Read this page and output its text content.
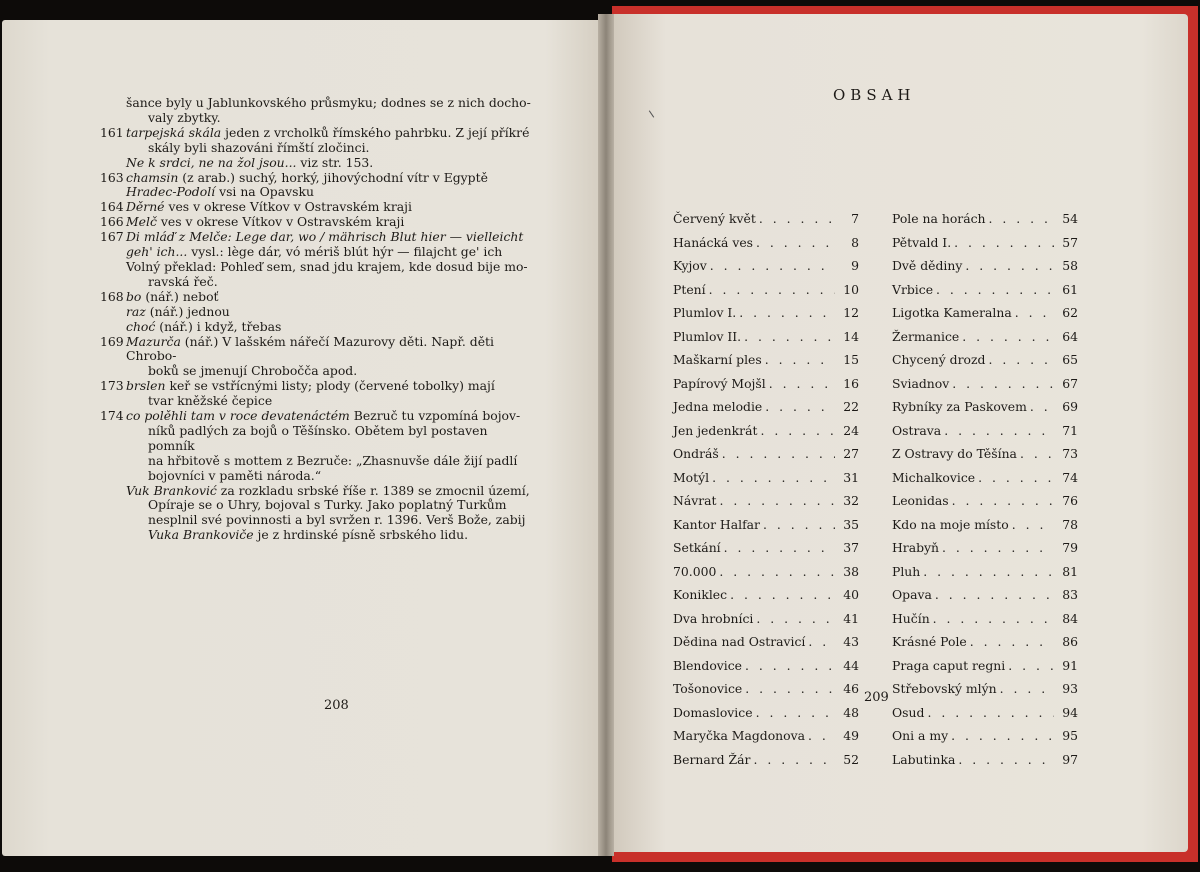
šance byly u Jablunkovského průsmyku; dodnes se z nich docho-
valy zbytky.
161 tarpejská skála jeden z vrcholků římského pahrbku. Z její příkré
skály byli shazováni římští zločinci.
Ne k srdci, ne na žol jsou... viz str. 153.
163 chamsin (z arab.) suchý, horký, jihovýchodní vítr v Egyptě
Hradec-Podolí vsi na Opavsku
164 Děrné ves v okrese Vítkov v Ostravském kraji
166 Melč ves v okrese Vítkov v Ostravském kraji
167 Di mláď z Melče: Lege dar, wo / mährisch Blut hier — vielleicht
geh' ich... vysl.: lège dár, vó mériš blút hýr — filajcht ge' ich
Volný překlad: Pohleď sem, snad jdu krajem, kde dosud bije mo-
ravská řeč.
168 bo (nář.) neboť
raz (nář.) jednou
choć (nář.) i když, třebas
169 Mazurča (nář.) V lašském nářečí Mazurovy děti. Např. děti Chrobo-
boků se jmenují Chrobočča apod.
173 brslen keř se vstřícnými listy; plody (červené tobolky) mají
tvar kněžské čepice
174 co polěhli tam v roce devatenáctém Bezruč tu vzpomíná bojov-
níků padlých za bojů o Těšínsko. Obětem byl postaven pomník
na hřbitově s mottem z Bezruče: „Zhasnuvše dále žijí padlí
bojovníci v paměti národa.“
Vuk Branković za rozkladu srbské říše r. 1389 se zmocnil území,
Opíraje se o Uhry, bojoval s Turky. Jako poplatný Turkům
nesplnil své povinnosti a byl svržen r. 1396. Verš Bože, zabij
Vuka Brankoviče je z hrdinské písně srbského lidu.
208
OBSAH
Červený květ . . .	7
Hanácká ves . . .	8
Kyjov . . .	9
Ptení . . .	10
Plumlov I. . . .	12
Plumlov II. . . .	14
Maškarní ples . . .	15
Papírový Mojšl . . .	16
Jedna melodie . . .	22
Jen jedenkrát . . .	24
Ondráš . . .	27
Motýl . . .	31
Návrat . . .	32
Kantor Halfar . . .	35
Setkání . . .	37
70.000 . . .	38
Koniklec . . .	40
Dva hrobníci . . .	41
Dědina nad Ostravicí . . .	43
Blendovice . . .	44
Tošonovice . . .	46
Domaslovice . . .	48
Maryčka Magdonova . . .	49
Bernard Žár . . .	52
Pole na horách . . .	54
Pětvald I. . . .	57
Dvě dědiny . . .	58
Vrbice . . .	61
Ligotka Kameralna . . .	62
Žermanice . . .	64
Chycený drozd . . .	65
Sviadnov . . .	67
Rybníky za Paskovem . . .	69
Ostrava . . .	71
Z Ostravy do Těšína . . .	73
Michalkovice . . .	74
Leonidas . . .	76
Kdo na moje místo . . .	78
Hrabyň . . .	79
Pluh . . .	81
Opava . . .	83
Hučín . . .	84
Krásné Pole . . .	86
Praga caput regni . . .	91
Střebovský mlýn . . .	93
Osud . . .	94
Oni a my . . .	95
Labutinka . . .	97
209
